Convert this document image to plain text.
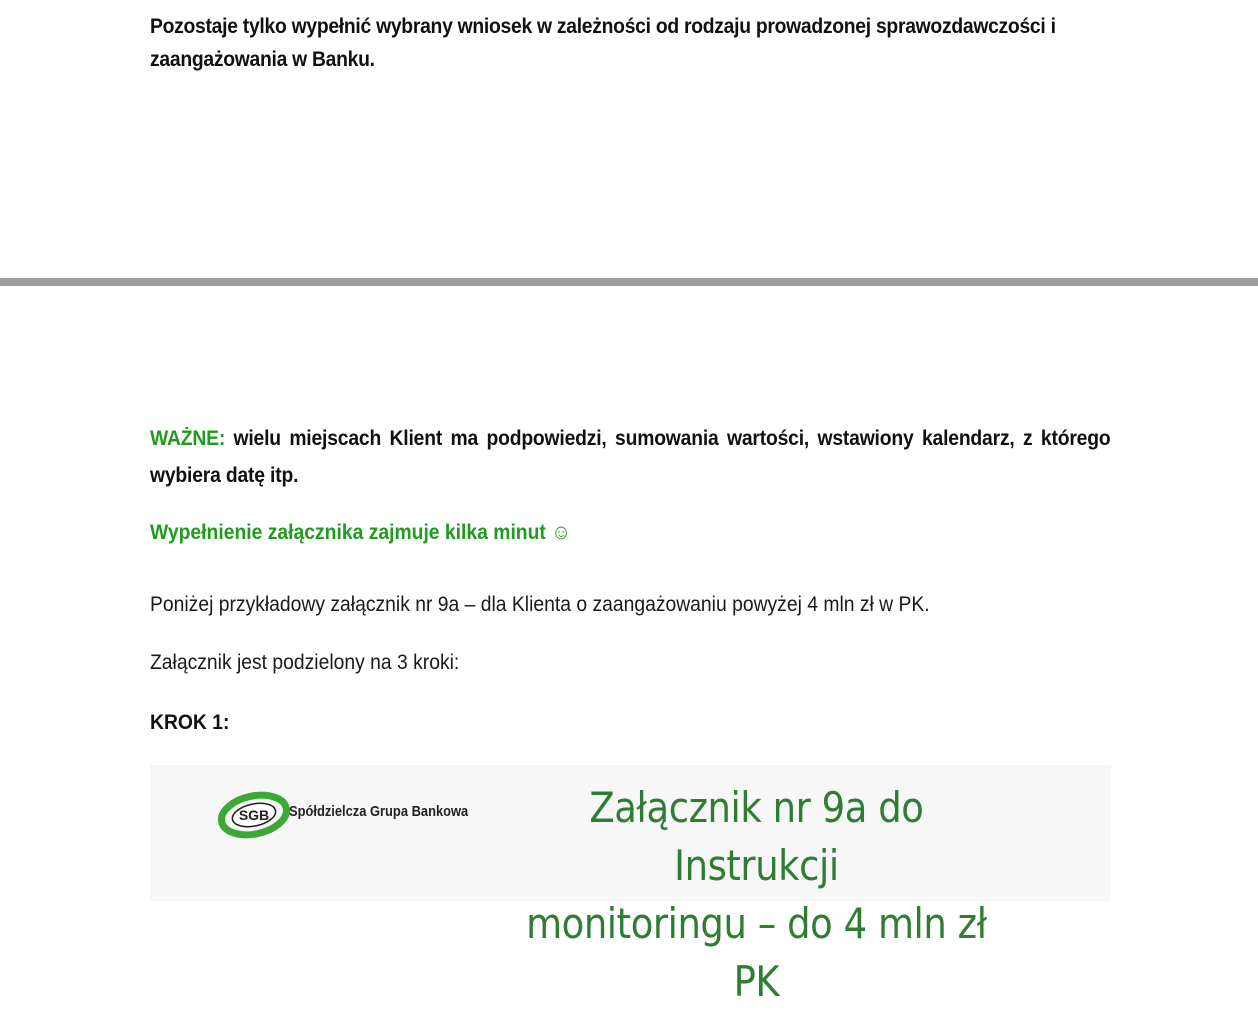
Pozostaje tylko wypełnić wybrany wniosek w zależności od rodzaju prowadzonej sprawozdawczości i zaangażowania w Banku.
WAŻNE: wielu miejscach Klient ma podpowiedzi, sumowania wartości, wstawiony kalendarz, z którego wybiera datę itp.
Wypełnienie załącznika zajmuje kilka minut ☺
Poniżej przykładowy załącznik nr 9a – dla Klienta o zaangażowaniu powyżej 4 mln zł w PK.
Załącznik jest podzielony na 3 kroki:
KROK 1:
SGB Spółdzielcza Grupa Bankowa	Załącznik nr 9a do Instrukcji
monitoringu – do 4 mln zł PK
